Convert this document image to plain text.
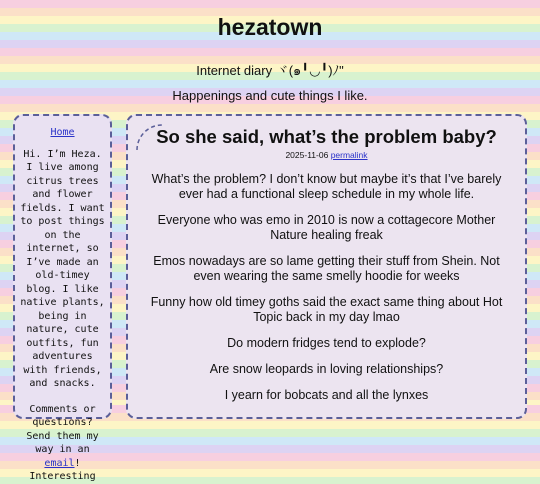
hezatown
Internet diary ヾ(๑╹◡╹)ﾉ"
Happenings and cute things I like.
Home

Hi. I’m Heza. I live among citrus trees and flower fields. I want to post things on the internet, so I’ve made an old-timey blog. I like native plants, being in nature, cute outfits, fun adventures with friends, and snacks.

Comments or questions? Send them my way in an email!
Interesting

So she said, what’s the problem baby?
2025-11-06 permalink

What’s the problem? I don’t know but maybe it’s that I’ve barely ever had a functional sleep schedule in my whole life.

Everyone who was emo in 2010 is now a cottagecore Mother Nature healing freak

Emos nowadays are so lame getting their stuff from Shein. Not even wearing the same smelly hoodie for weeks

Funny how old timey goths said the exact same thing about Hot Topic back in my day lmao

Do modern fridges tend to explode?

Are snow leopards in loving relationships?

I yearn for bobcats and all the lynxes
